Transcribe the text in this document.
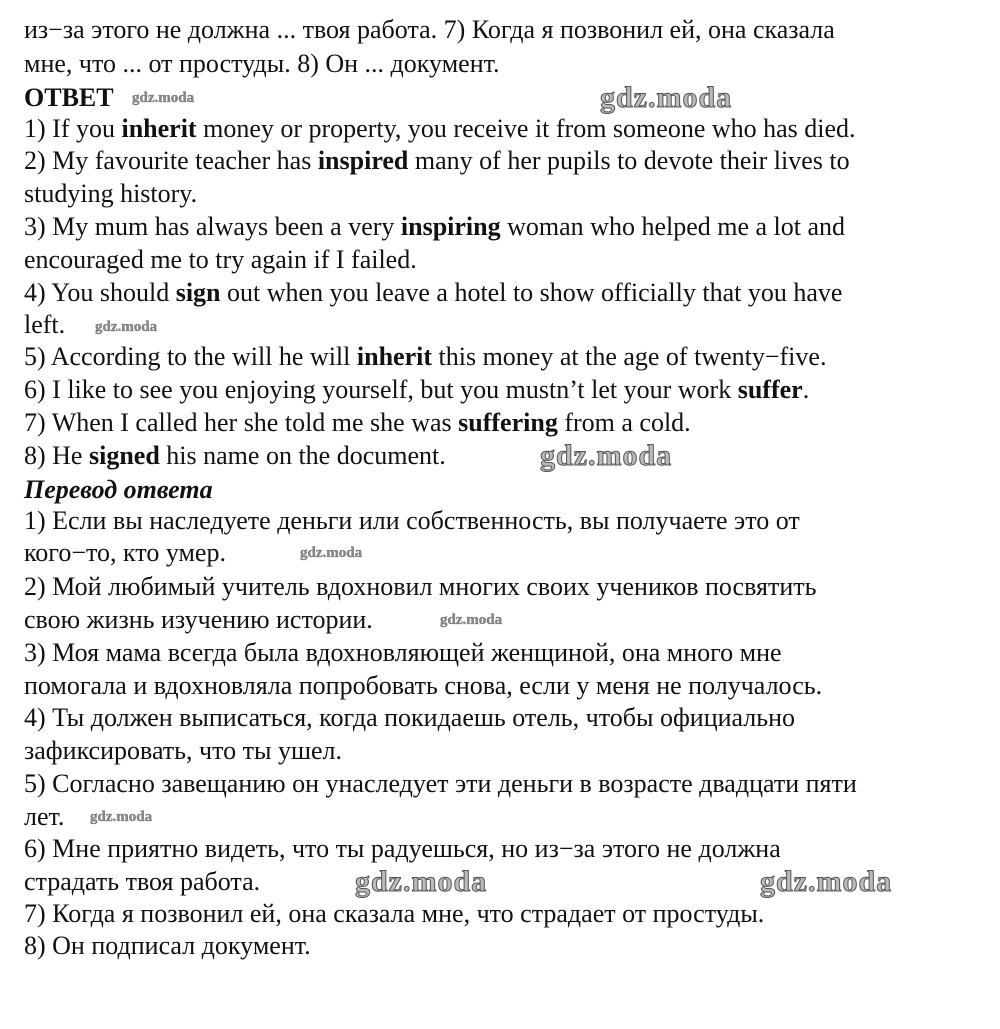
из−за этого не должна ... твоя работа. 7) Когда я позвонил ей, она сказала
мне, что ... от простуды. 8) Он ... документ.
ОТВЕТ
1) If you inherit money or property, you receive it from someone who has died.
2) My favourite teacher has inspired many of her pupils to devote their lives to
studying history.
3) My mum has always been a very inspiring woman who helped me a lot and
encouraged me to try again if I failed.
4) You should sign out when you leave a hotel to show officially that you have
left.
5) According to the will he will inherit this money at the age of twenty−five.
6) I like to see you enjoying yourself, but you mustn’t let your work suffer.
7) When I called her she told me she was suffering from a cold.
8) He signed his name on the document.
Перевод ответа
1) Если вы наследуете деньги или собственность, вы получаете это от
кого−то, кто умер.
2) Мой любимый учитель вдохновил многих своих учеников посвятить
свою жизнь изучению истории.
3) Моя мама всегда была вдохновляющей женщиной, она много мне
помогала и вдохновляла попробовать снова, если у меня не получалось.
4) Ты должен выписаться, когда покидаешь отель, чтобы официально
зафиксировать, что ты ушел.
5) Согласно завещанию он унаследует эти деньги в возрасте двадцати пяти
лет.
6) Мне приятно видеть, что ты радуешься, но из−за этого не должна
страдать твоя работа.
7) Когда я позвонил ей, она сказала мне, что страдает от простуды.
8) Он подписал документ.
gdz.moda
gdz.moda
gdz.moda	gdz.moda
gdz.moda
gdz.moda
gdz.moda
gdz.moda
gdz.moda
